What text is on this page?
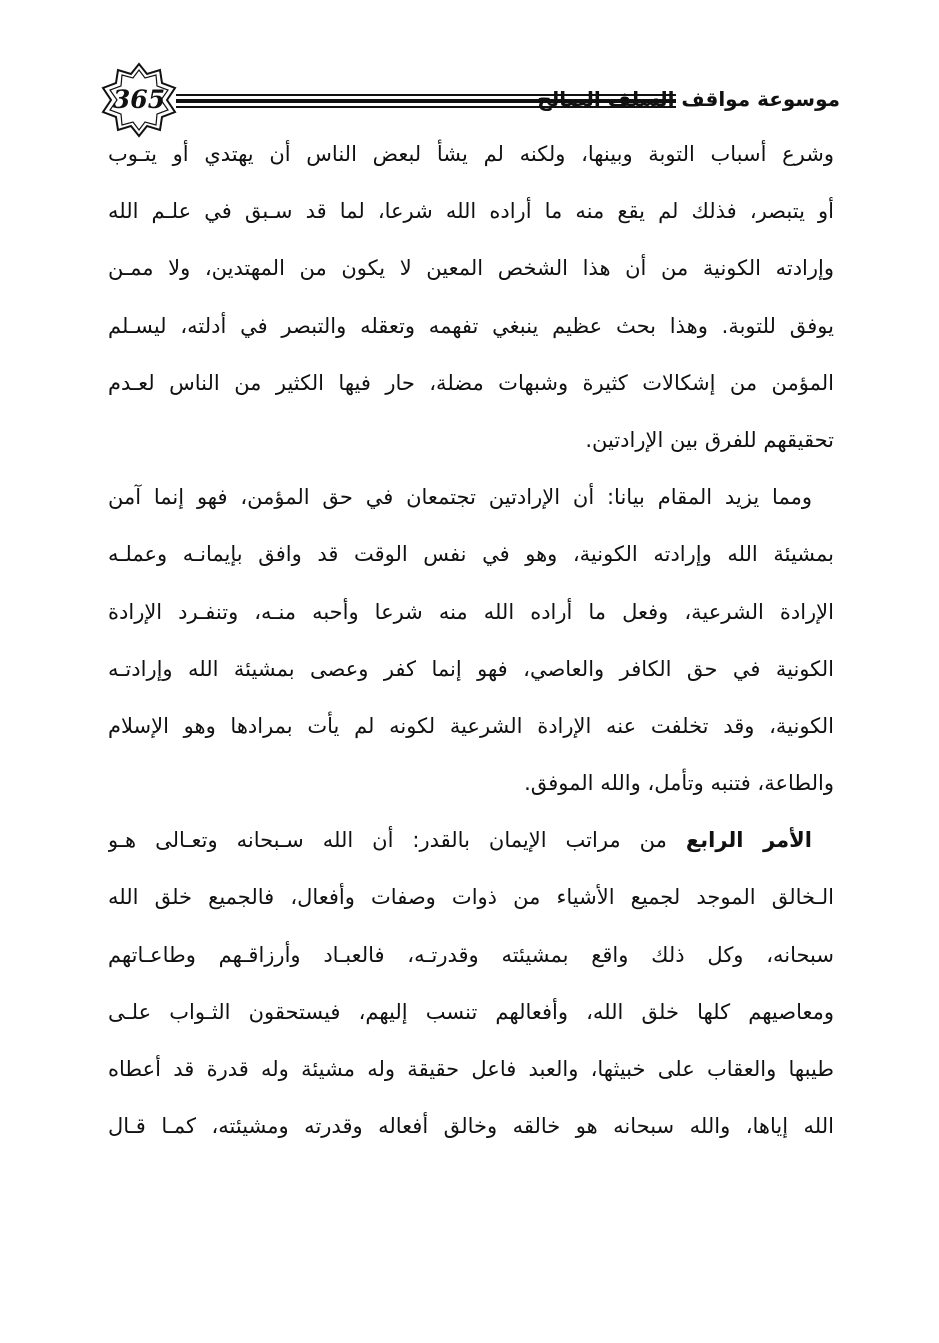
365	موسوعة مواقف السلف الصالح
وشرع أسباب التوبة وبينها، ولكنه لم يشأ لبعض الناس أن يهتدي أو يتـوب
أو يتبصر، فذلك لم يقع منه ما أراده الله شرعا، لما قد سـبق في علـم الله
وإرادته الكونية من أن هذا الشخص المعين لا يكون من المهتدين، ولا ممـن
يوفق للتوبة. وهذا بحث عظيم ينبغي تفهمه وتعقله والتبصر في أدلته، ليسـلم
المؤمن من إشكالات كثيرة وشبهات مضلة، حار فيها الكثير من الناس لعـدم
تحقيقهم للفرق بين الإرادتين.
ومما يزيد المقام بيانا: أن الإرادتين تجتمعان في حق المؤمن، فهو إنما آمن
بمشيئة الله وإرادته الكونية، وهو في نفس الوقت قد وافق بإيمانـه وعملـه
الإرادة الشرعية، وفعل ما أراده الله منه شرعا وأحبه منـه، وتنفـرد الإرادة
الكونية في حق الكافر والعاصي، فهو إنما كفر وعصى بمشيئة الله وإرادتـه
الكونية، وقد تخلفت عنه الإرادة الشرعية لكونه لم يأت بمرادها وهو الإسلام
والطاعة، فتنبه وتأمل، والله الموفق.
الأمر الرابع من مراتب الإيمان بالقدر: أن الله سـبحانه وتعـالى هـو
الـخالق الموجد لجميع الأشياء من ذوات وصفات وأفعال، فالجميع خلق الله
سبحانه، وكل ذلك واقع بمشيئته وقدرتـه، فالعبـاد وأرزاقـهم وطاعـاتهم
ومعاصيهم كلها خلق الله، وأفعالهم تنسب إليهم، فيستحقون الثـواب علـى
طيبها والعقاب على خبيثها، والعبد فاعل حقيقة وله مشيئة وله قدرة قد أعطاه
الله إياها، والله سبحانه هو خالقه وخالق أفعاله وقدرته ومشيئته، كمـا قـال
